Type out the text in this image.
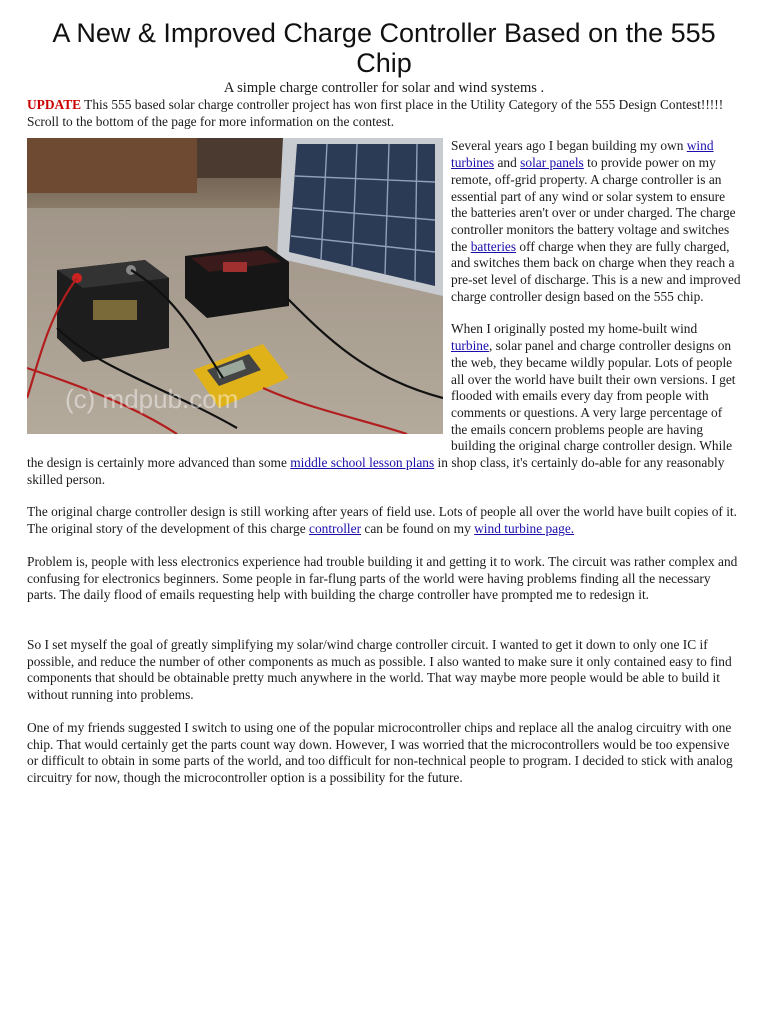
A New & Improved Charge Controller Based on the 555 Chip
A simple charge controller for solar and wind systems .

UPDATE This 555 based solar charge controller project has won first place in the Utility Category of the 555 Design Contest!!!!! Scroll to the bottom of the page for more information on the contest.

(c) mdpub.com

Several years ago I began building my own wind turbines and solar panels to provide power on my remote, off-grid property. A charge controller is an essential part of any wind or solar system to ensure the batteries aren't over or under charged. The charge controller monitors the battery voltage and switches the batteries off charge when they are fully charged, and switches them back on charge when they reach a pre-set level of discharge. This is a new and improved charge controller design based on the 555 chip.

When I originally posted my home-built wind turbine, solar panel and charge controller designs on the web, they became wildly popular. Lots of people all over the world have built their own versions. I get flooded with emails every day from people with comments or questions. A very large percentage of the emails concern problems people are having building the original charge controller design. While the design is certainly more advanced than some middle school lesson plans in shop class, it's certainly do-able for any reasonably skilled person.

The original charge controller design is still working after years of field use. Lots of people all over the world have built copies of it. The original story of the development of this charge controller can be found on my wind turbine page.

Problem is, people with less electronics experience had trouble building it and getting it to work. The circuit was rather complex and confusing for electronics beginners. Some people in far-flung parts of the world were having problems finding all the necessary parts. The daily flood of emails requesting help with building the charge controller have prompted me to redesign it.

So I set myself the goal of greatly simplifying my solar/wind charge controller circuit. I wanted to get it down to only one IC if possible, and reduce the number of other components as much as possible. I also wanted to make sure it only contained easy to find components that should be obtainable pretty much anywhere in the world. That way maybe more people would be able to build it without running into problems.

One of my friends suggested I switch to using one of the popular microcontroller chips and replace all the analog circuitry with one chip. That would certainly get the parts count way down. However, I was worried that the microcontrollers would be too expensive or difficult to obtain in some parts of the world, and too difficult for non-technical people to program. I decided to stick with analog circuitry for now, though the microcontroller option is a possibility for the future.
